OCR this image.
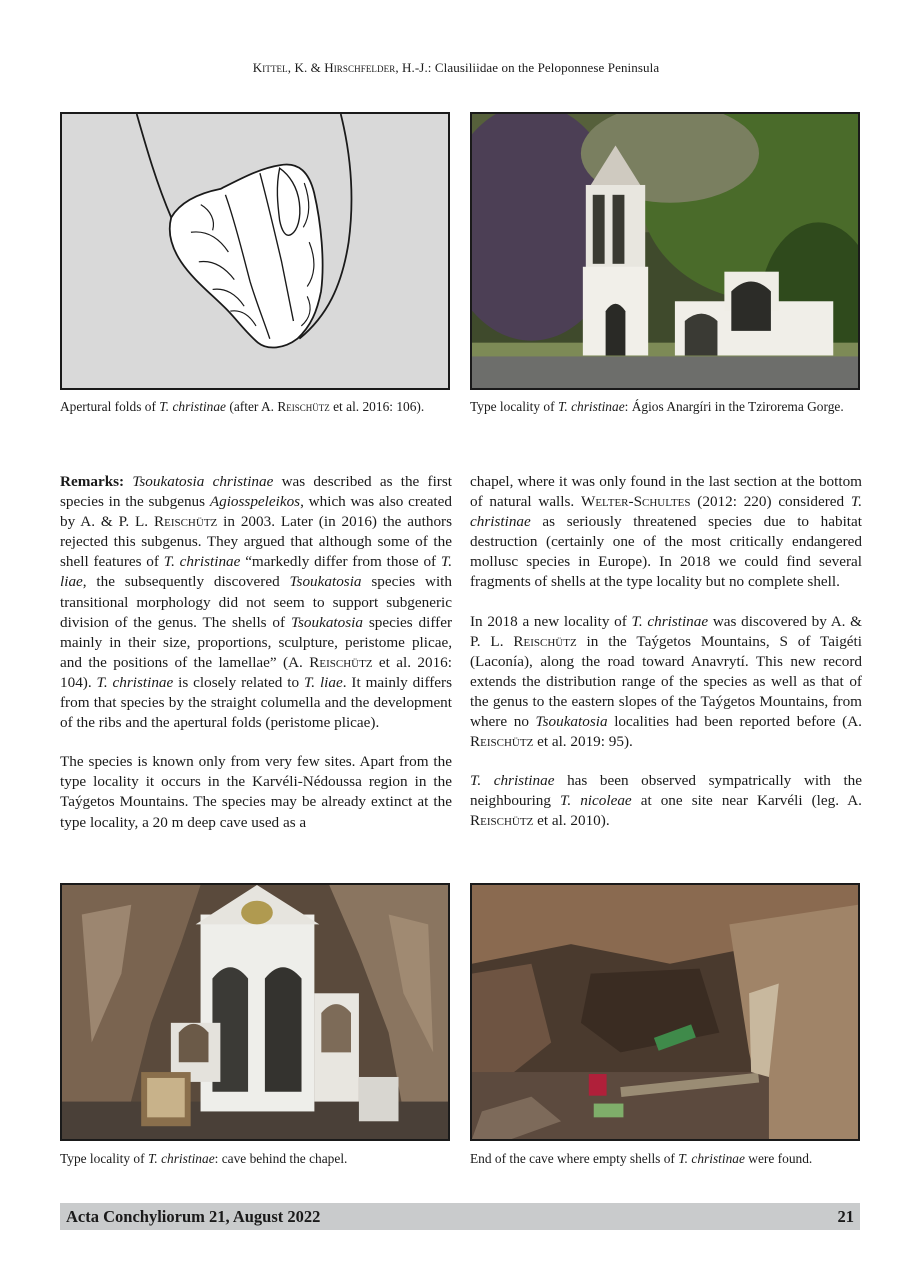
Kittel, K. & Hirschfelder, H.-J.: Clausiliidae on the Peloponnese Peninsula
Apertural folds of T. christinae (after A. Reischütz et al. 2016: 106).	Type locality of T. christinae: Ágios Anargíri in the Tzirorema Gorge.

Remarks: Tsoukatosia christinae was described as the first species in the subgenus Agiosspeleikos, which was also created by A. & P. L. Reischütz in 2003. Later (in 2016) the authors rejected this subgenus. They argued that although some of the shell features of T. christinae “markedly differ from those of T. liae, the subsequently discovered Tsoukatosia species with transitional morphology did not seem to support subgeneric division of the genus. The shells of Tsoukatosia species differ mainly in their size, proportions, sculpture, peristome plicae, and the positions of the lamellae” (A. Reischütz et al. 2016: 104). T. christinae is closely related to T. liae. It mainly differs from that species by the straight columella and the development of the ribs and the apertural folds (peristome plicae).

The species is known only from very few sites. Apart from the type locality it occurs in the Karvéli-Nédoussa region in the Taýgetos Mountains. The species may be already extinct at the type locality, a 20 m deep cave used as a

chapel, where it was only found in the last section at the bottom of natural walls. Welter-Schultes (2012: 220) considered T. christinae as seriously threatened species due to habitat destruction (certainly one of the most critically endangered mollusc species in Europe). In 2018 we could find several fragments of shells at the type locality but no complete shell.

In 2018 a new locality of T. christinae was discovered by A. & P. L. Reischütz in the Taýgetos Mountains, S of Taigéti (Laconía), along the road toward Anavrytí. This new record extends the distribution range of the species as well as that of the genus to the eastern slopes of the Taýgetos Mountains, from where no Tsoukatosia localities had been reported before (A. Reischütz et al. 2019: 95).

T. christinae has been observed sympatrically with the neighbouring T. nicoleae at one site near Karvéli (leg. A. Reischütz et al. 2010).

Type locality of T. christinae: cave behind the chapel.	End of the cave where empty shells of T. christinae were found.
Acta Conchyliorum 21, August 2022	21
